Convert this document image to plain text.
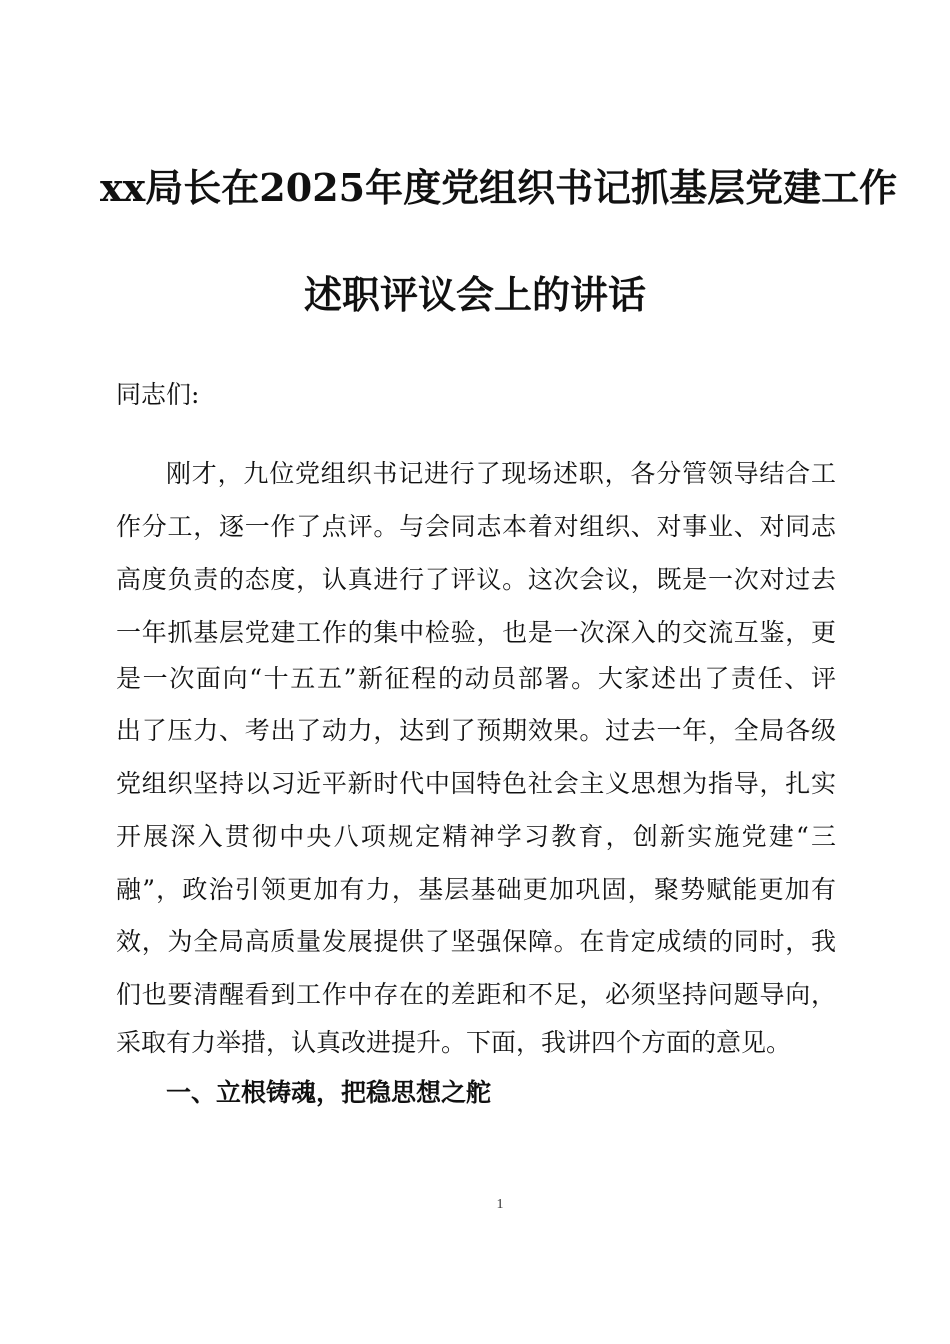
xx局长在2025年度党组织书记抓基层党建工作
述职评议会上的讲话
同志们:
刚才，九位党组织书记进行了现场述职，各分管领导结合工
作分工，逐一作了点评。与会同志本着对组织、对事业、对同志
高度负责的态度，认真进行了评议。这次会议，既是一次对过去
一年抓基层党建工作的集中检验，也是一次深入的交流互鉴，更
是一次面向“十五五”新征程的动员部署。大家述出了责任、评
出了压力、考出了动力，达到了预期效果。过去一年，全局各级
党组织坚持以习近平新时代中国特色社会主义思想为指导，扎实
开展深入贯彻中央八项规定精神学习教育，创新实施党建“三
融”，政治引领更加有力，基层基础更加巩固，聚势赋能更加有
效，为全局高质量发展提供了坚强保障。在肯定成绩的同时，我
们也要清醒看到工作中存在的差距和不足，必须坚持问题导向，
采取有力举措，认真改进提升。下面，我讲四个方面的意见。
一、立根铸魂，把稳思想之舵
1
